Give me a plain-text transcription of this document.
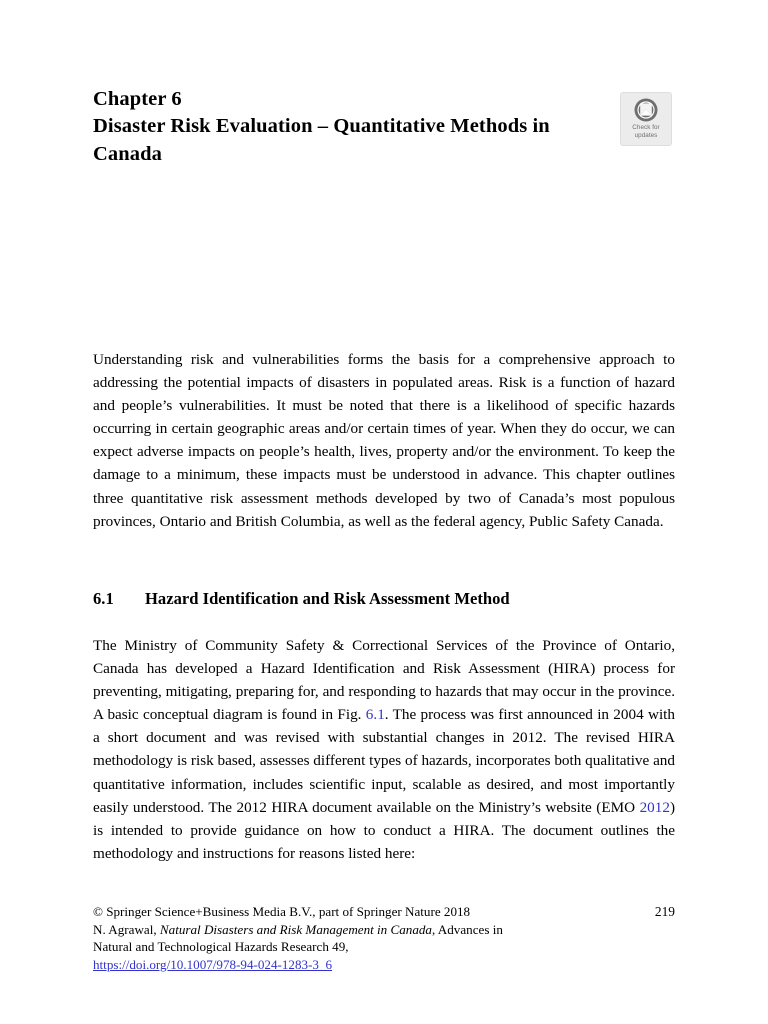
Chapter 6
Disaster Risk Evaluation – Quantitative Methods in Canada
Check for
updates

Understanding risk and vulnerabilities forms the basis for a comprehensive approach to addressing the potential impacts of disasters in populated areas. Risk is a function of hazard and people’s vulnerabilities. It must be noted that there is a likelihood of specific hazards occurring in certain geographic areas and/or certain times of year. When they do occur, we can expect adverse impacts on people’s health, lives, property and/or the environment. To keep the damage to a minimum, these impacts must be understood in advance. This chapter outlines three quantitative risk assessment methods developed by two of Canada’s most populous provinces, Ontario and British Columbia, as well as the federal agency, Public Safety Canada.

6.1	Hazard Identification and Risk Assessment Method

The Ministry of Community Safety & Correctional Services of the Province of Ontario, Canada has developed a Hazard Identification and Risk Assessment (HIRA) process for preventing, mitigating, preparing for, and responding to hazards that may occur in the province. A basic conceptual diagram is found in Fig. 6.1. The process was first announced in 2004 with a short document and was revised with substantial changes in 2012. The revised HIRA methodology is risk based, assesses different types of hazards, incorporates both qualitative and quantitative information, includes scientific input, scalable as desired, and most importantly easily understood. The 2012 HIRA document available on the Ministry’s website (EMO 2012) is intended to provide guidance on how to conduct a HIRA. The document outlines the methodology and instructions for reasons listed here:

© Springer Science+Business Media B.V., part of Springer Nature 2018	219

N. Agrawal, Natural Disasters and Risk Management in Canada, Advances in

Natural and Technological Hazards Research 49,

https://doi.org/10.1007/978-94-024-1283-3_6
